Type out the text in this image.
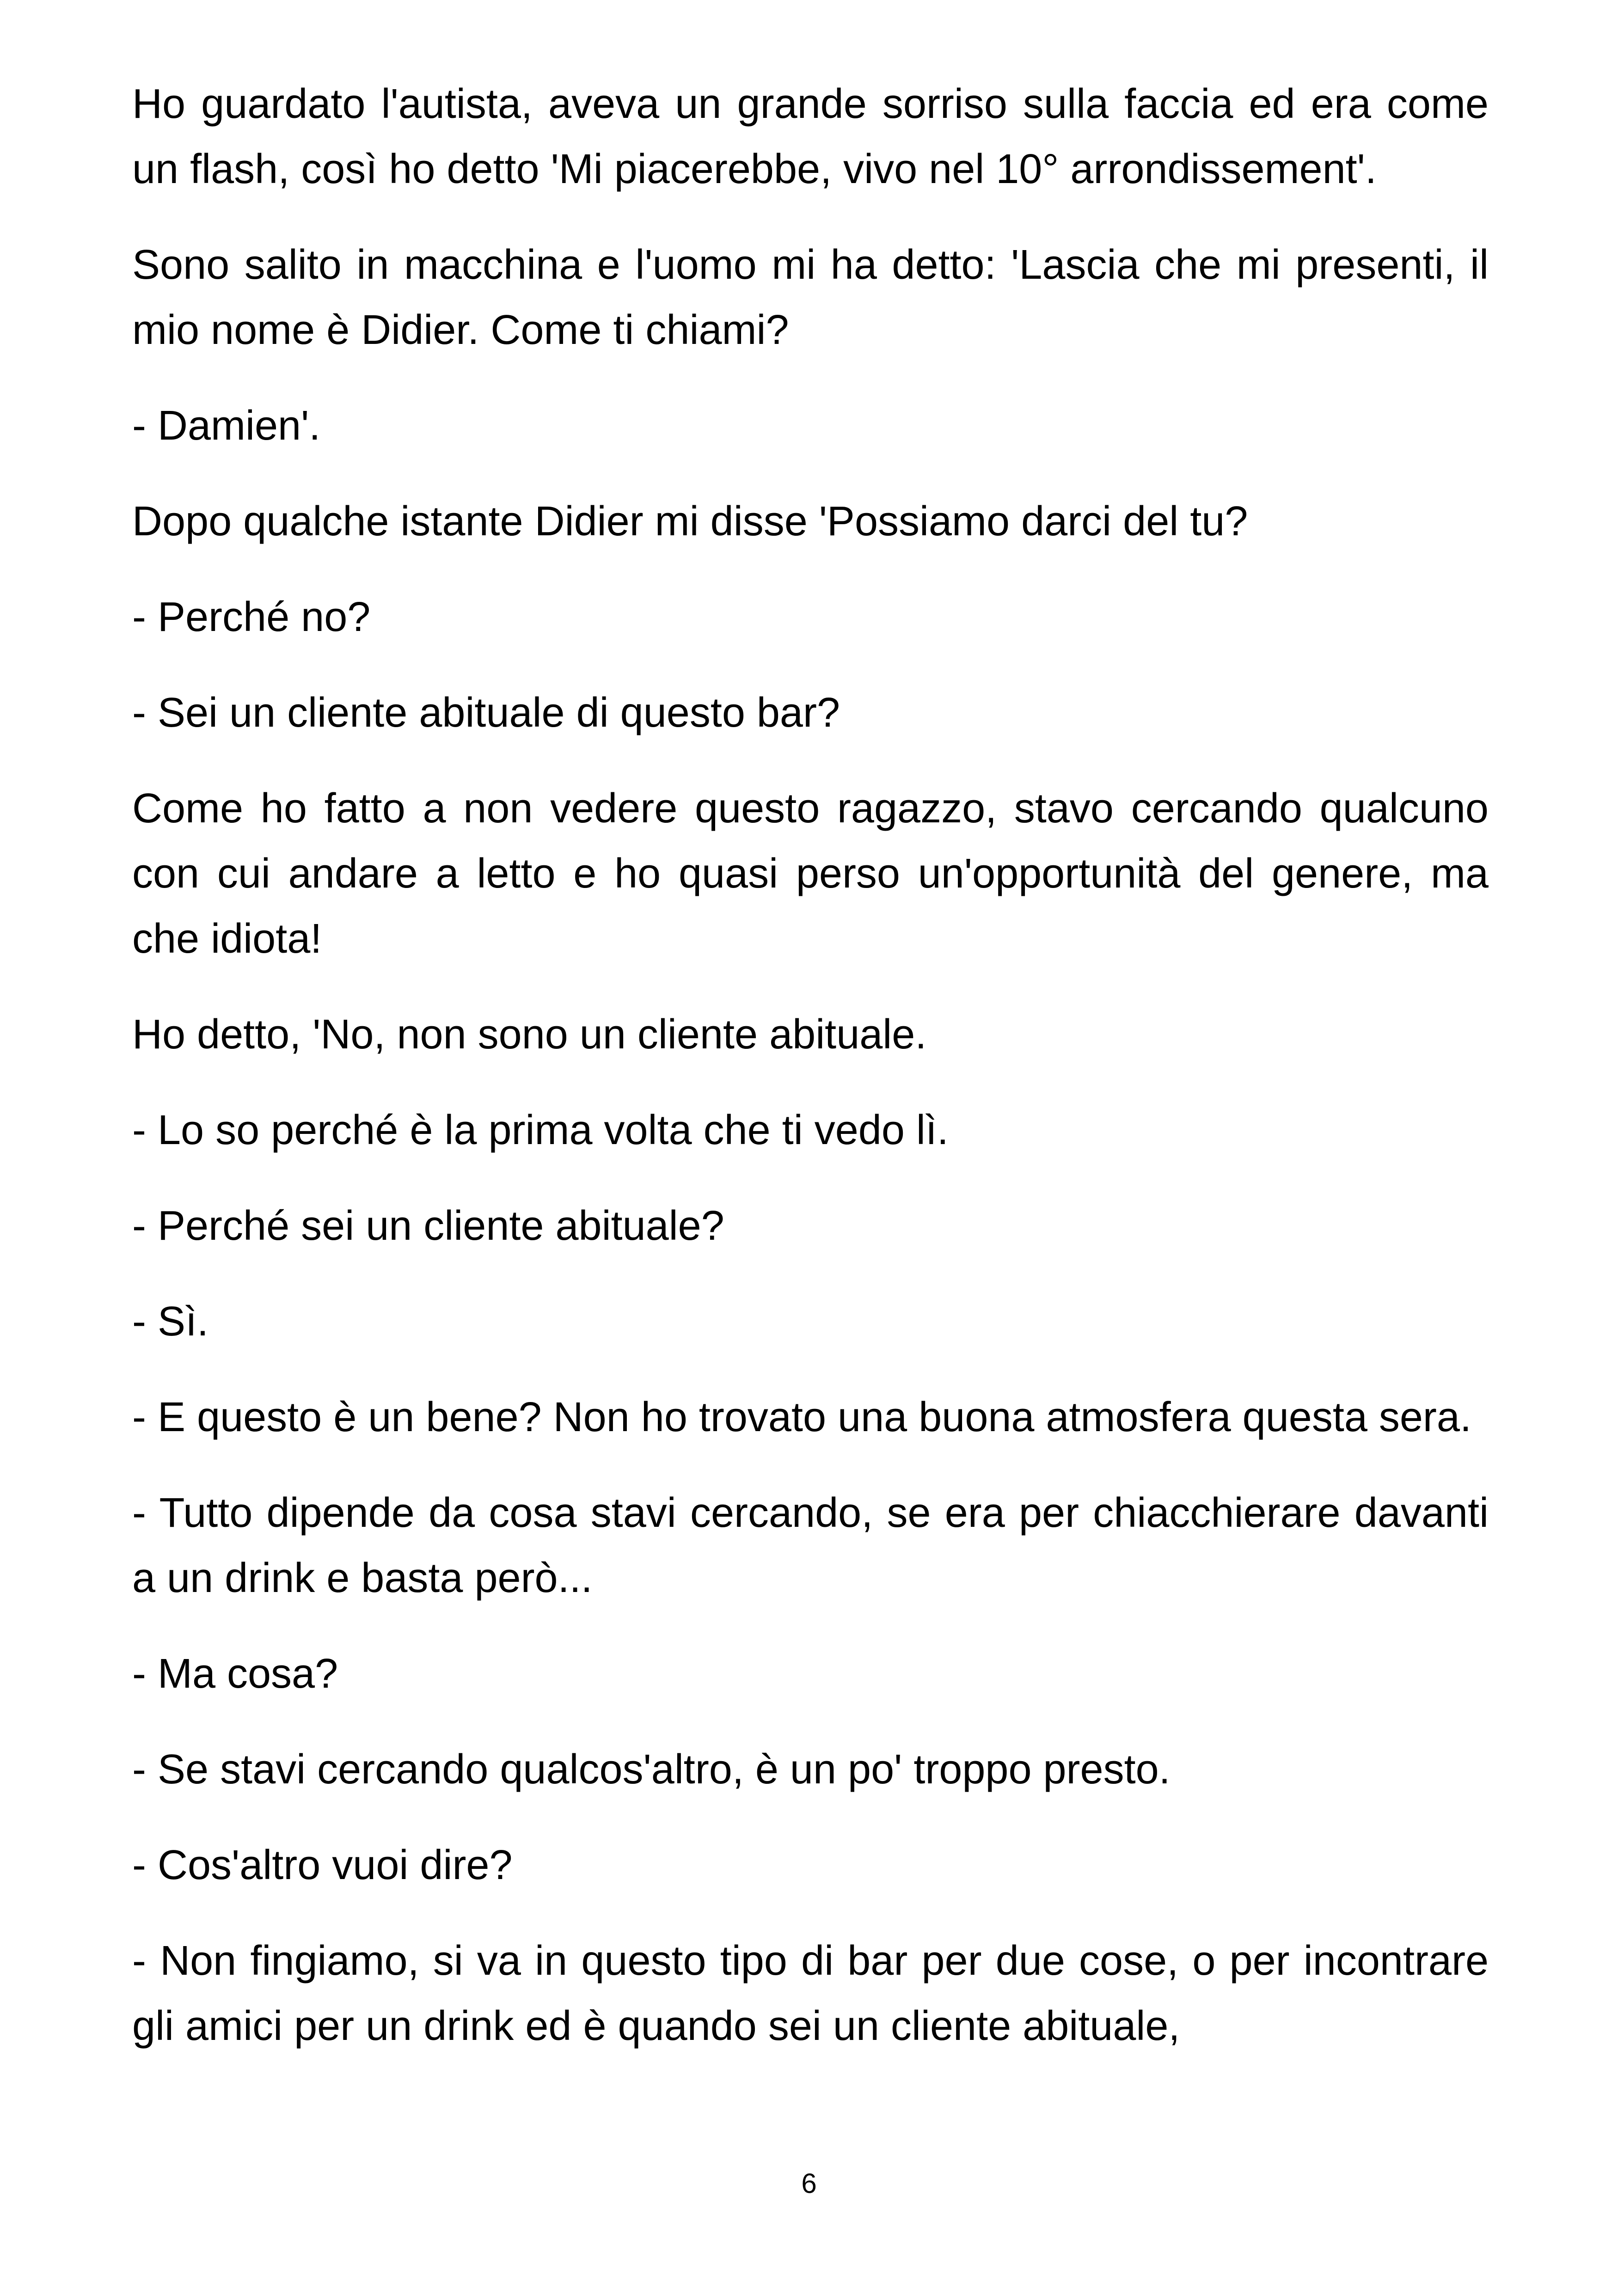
Ho guardato l'autista, aveva un grande sorriso sulla faccia ed era come un flash, così ho detto 'Mi piacerebbe, vivo nel 10° arrondissement'.

Sono salito in macchina e l'uomo mi ha detto: 'Lascia che mi presenti, il mio nome è Didier. Come ti chiami?

- Damien'.

Dopo qualche istante Didier mi disse 'Possiamo darci del tu?

- Perché no?

- Sei un cliente abituale di questo bar?

Come ho fatto a non vedere questo ragazzo, stavo cercando qualcuno con cui andare a letto e ho quasi perso un'opportunità del genere, ma che idiota!

Ho detto, 'No, non sono un cliente abituale.

- Lo so perché è la prima volta che ti vedo lì.

- Perché sei un cliente abituale?

- Sì.

- E questo è un bene? Non ho trovato una buona atmosfera questa sera.

- Tutto dipende da cosa stavi cercando, se era per chiacchierare davanti a un drink e basta però...

- Ma cosa?

- Se stavi cercando qualcos'altro, è un po' troppo presto.

- Cos'altro vuoi dire?

- Non fingiamo, si va in questo tipo di bar per due cose, o per incontrare gli amici per un drink ed è quando sei un cliente abituale,

6
